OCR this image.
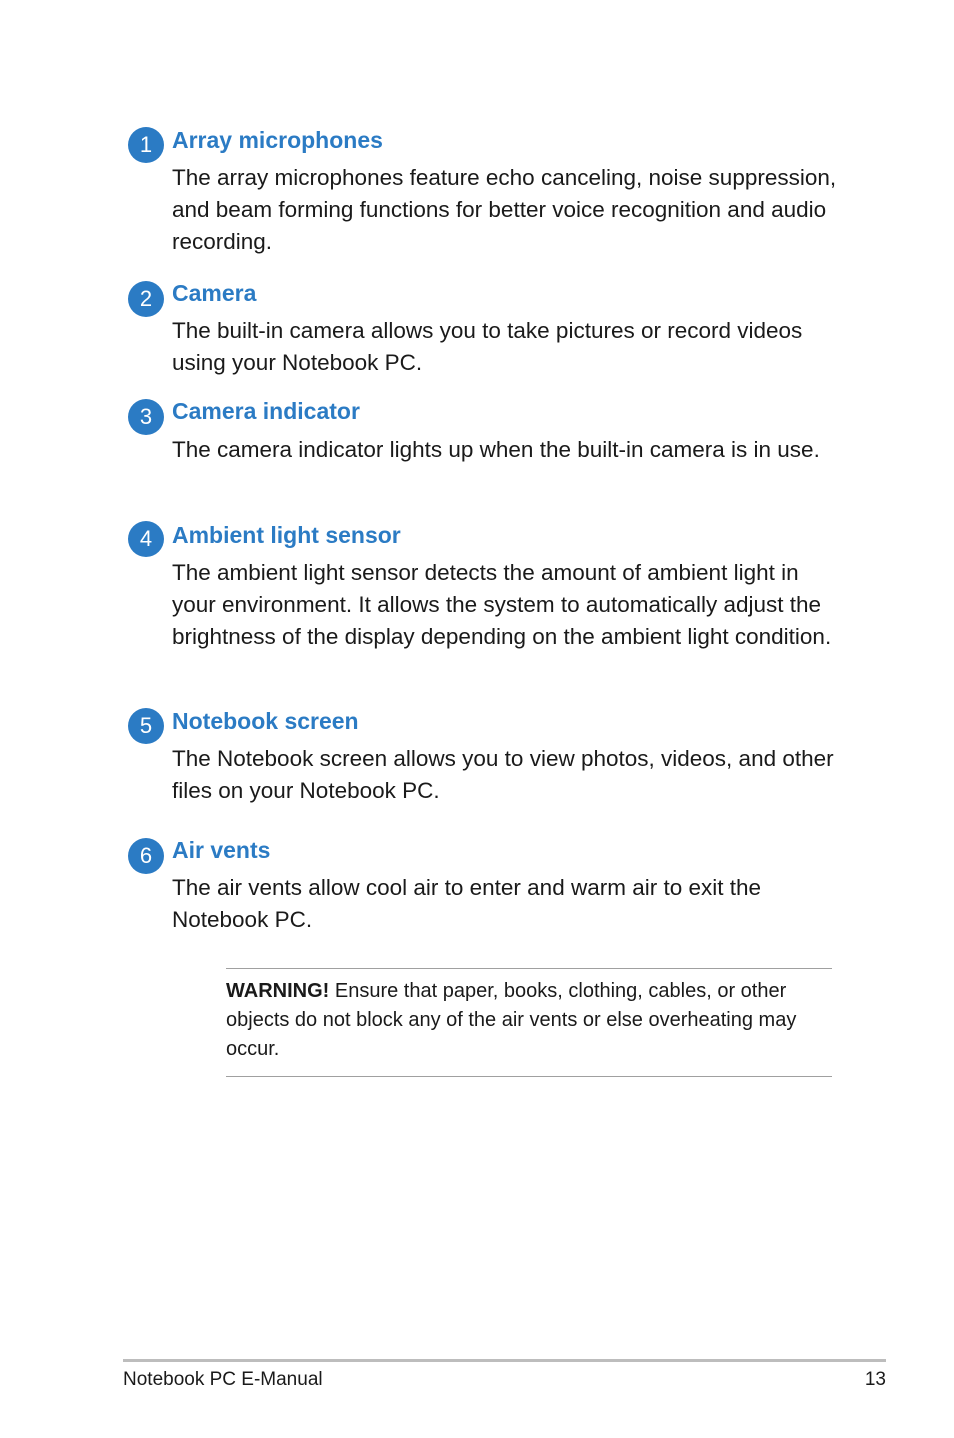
1 Array microphones
The array microphones feature echo canceling, noise suppression, and beam forming functions for better voice recognition and audio recording.
2 Camera
The built-in camera allows you to take pictures or record videos using your Notebook PC.
3 Camera indicator
The camera indicator lights up when the built-in camera is in use.
4 Ambient light sensor
The ambient light sensor detects the amount of ambient light in your environment. It allows the system to automatically adjust the brightness of the display depending on the ambient light condition.
5 Notebook screen
The Notebook screen allows you to view photos, videos, and other files on your Notebook PC.
6 Air vents
The air vents allow cool air to enter and warm air to exit the Notebook PC.
WARNING! Ensure that paper, books, clothing, cables, or other objects do not block any of the air vents or else overheating may occur.
Notebook PC E-Manual	13
